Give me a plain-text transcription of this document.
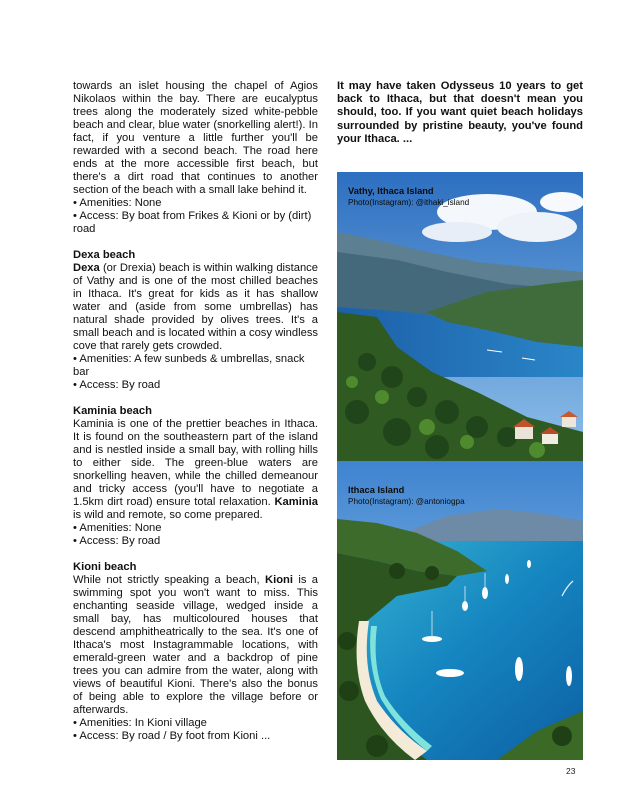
towards an islet housing the chapel of Agios Nikolaos within the bay. There are eucalyptus trees along the moderately sized white-pebble beach and clear, blue water (snorkelling alert!). In fact, if you venture a little further you'll be rewarded with a second beach. The road here ends at the more accessible first beach, but there's a dirt road that continues to another section of the beach with a small lake behind it.

• Amenities: None

• Access: By boat from Frikes & Kioni or by (dirt) road

Dexa beach

Dexa (or Drexia) beach is within walking distance of Vathy and is one of the most chilled beaches in Ithaca. It's great for kids as it has shallow water and (aside from some umbrellas) has natural shade provided by olives trees. It's a small beach and is located within a cosy windless cove that rarely gets crowded.

• Amenities: A few sunbeds & umbrellas, snack bar

• Access: By road

Kaminia beach

Kaminia is one of the prettier beaches in Ithaca. It is found on the southeastern part of the island and is nestled inside a small bay, with rolling hills to either side. The green-blue waters are snorkelling heaven, while the chilled demeanour and tricky access (you'll have to negotiate a 1.5km dirt road) ensure total relaxation. Kaminia is wild and remote, so come prepared.

• Amenities: None

• Access: By road

Kioni beach

While not strictly speaking a beach, Kioni is a swimming spot you won't want to miss. This enchanting seaside village, wedged inside a small bay, has multicoloured houses that descend amphitheatrically to the sea. It's one of Ithaca's most Instagrammable locations, with emerald-green water and a backdrop of pine trees you can admire from the water, along with views of beautiful Kioni. There's also the bonus of being able to explore the village before or afterwards.

• Amenities: In Kioni village

• Access: By road / By foot from Kioni ...

It may have taken Odysseus 10 years to get back to Ithaca, but that doesn't mean you should, too. If you want quiet beach holidays surrounded by pristine beauty, you've found your Ithaca. ...

Vathy, Ithaca Island
Photo(Instagram): @ithaki_island
Ithaca Island
Photo(Instagram): @antoniogpa
23
